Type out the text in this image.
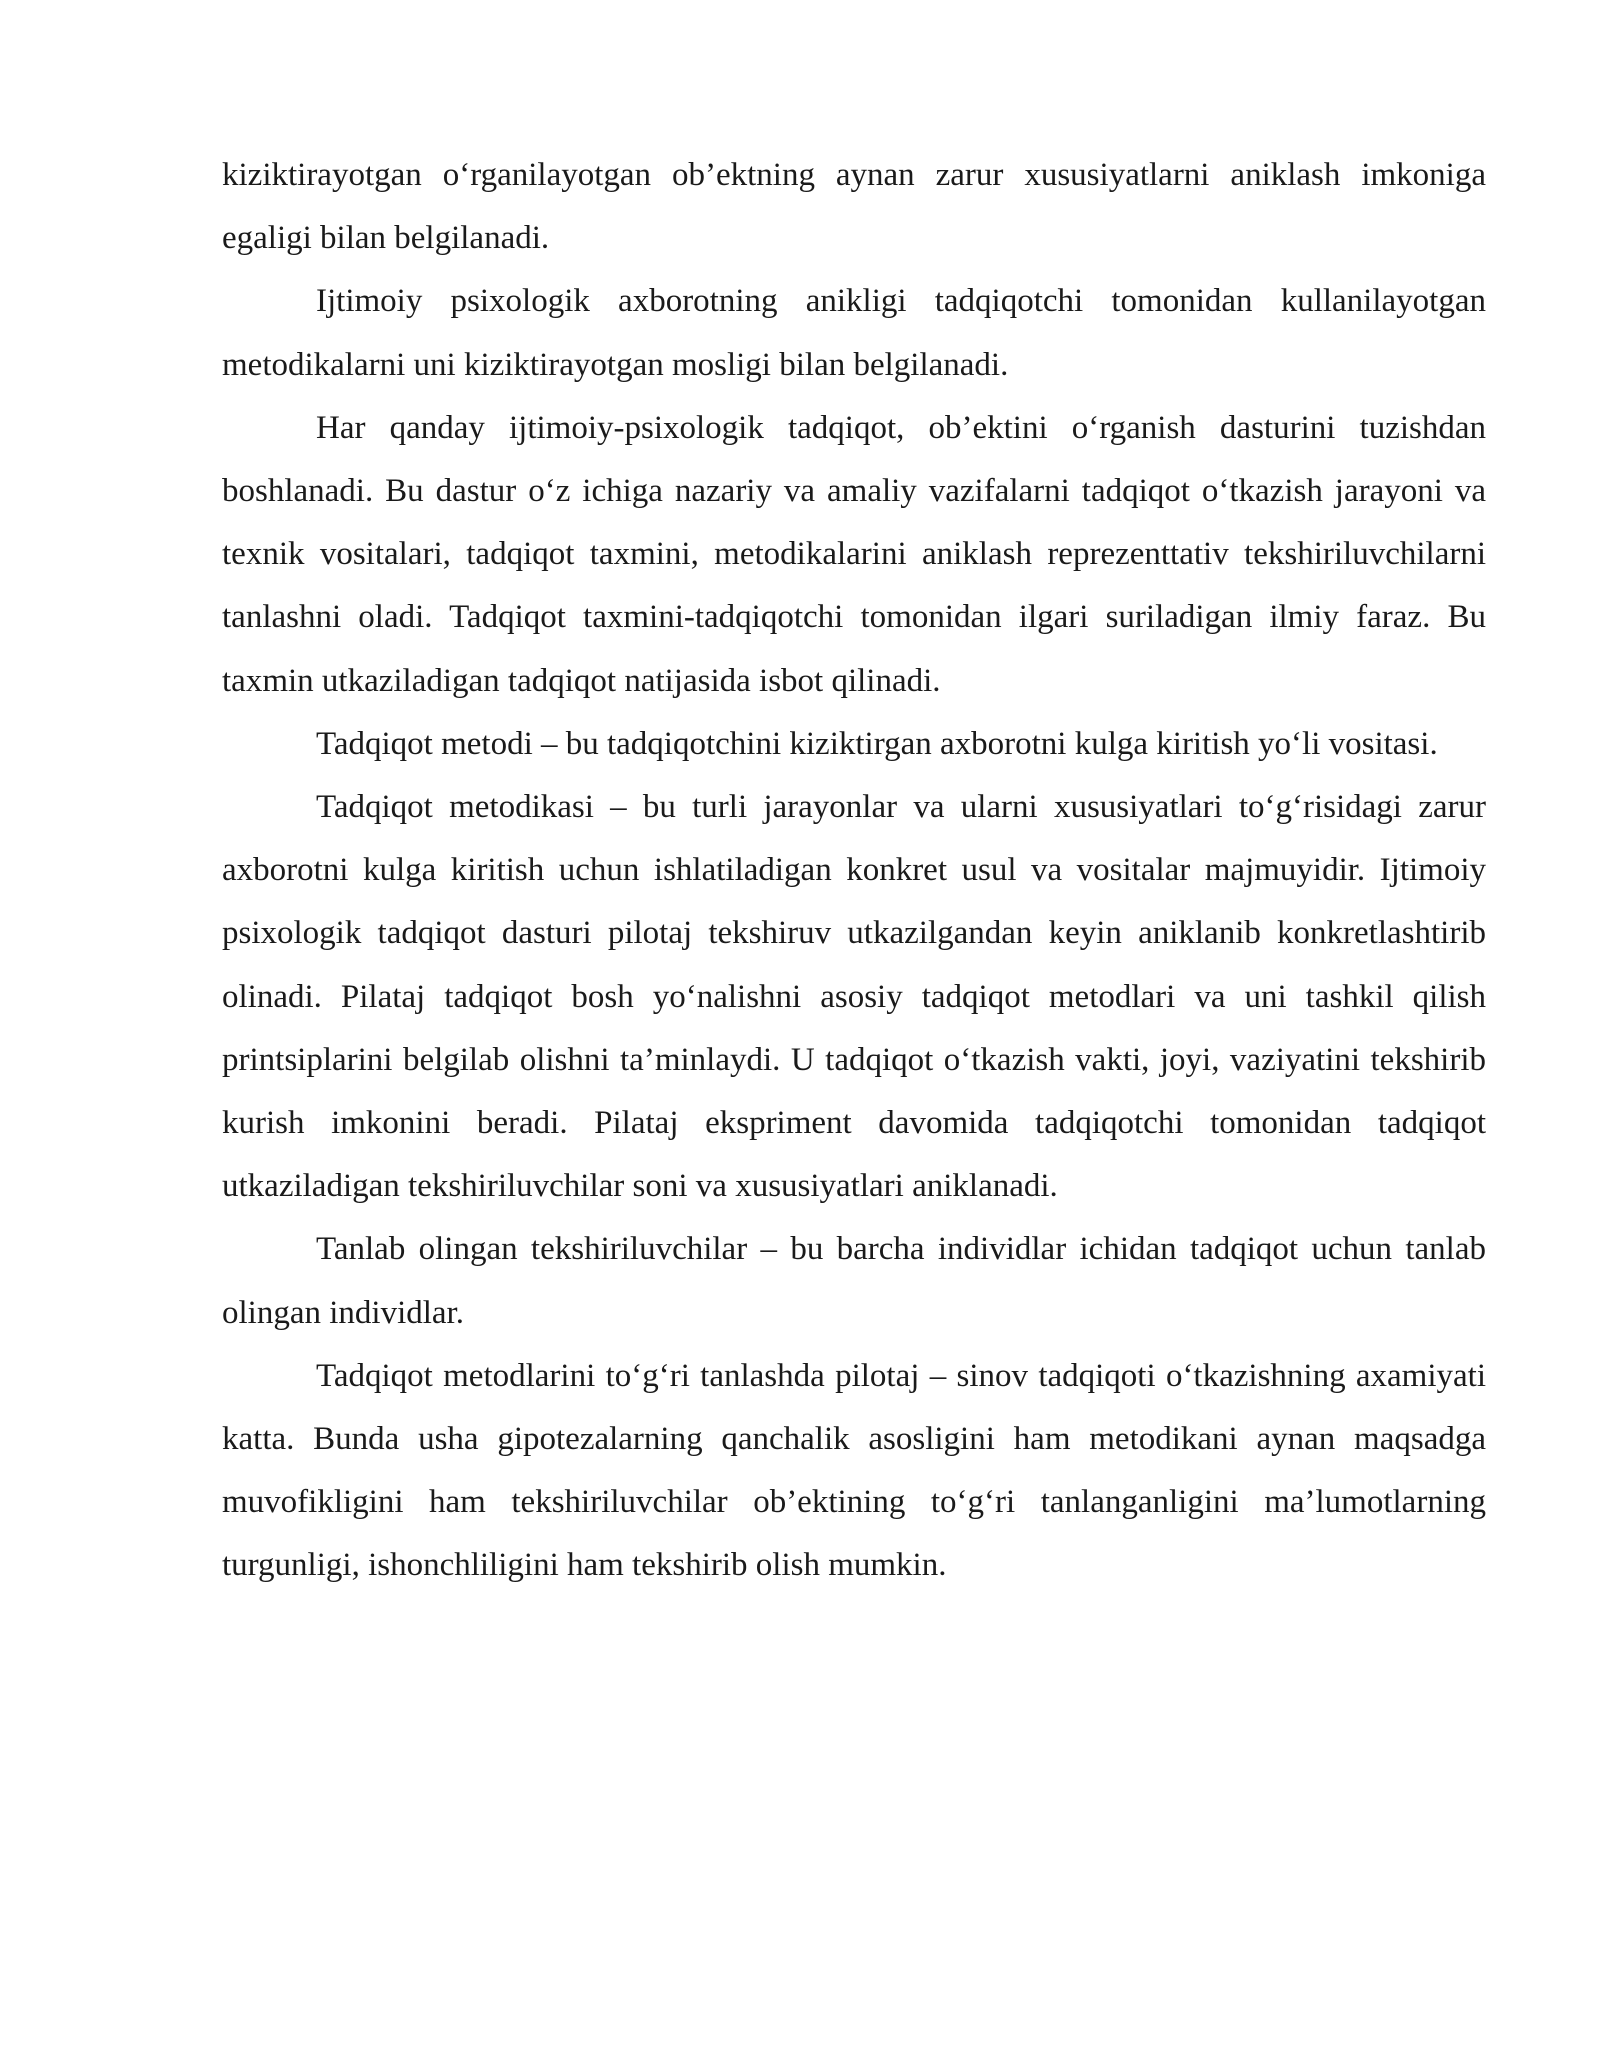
kiziktirayotgan o‘rganilayotgan ob’ektning aynan zarur xususiyatlarni aniklash imkoniga egaligi bilan belgilanadi.

Ijtimoiy psixologik axborotning anikligi tadqiqotchi tomonidan kullanilayotgan metodikalarni uni kiziktirayotgan mosligi bilan belgilanadi.

Har qanday ijtimoiy-psixologik tadqiqot, ob’ektini o‘rganish dasturini tuzishdan boshlanadi. Bu dastur o‘z ichiga nazariy va amaliy vazifalarni tadqiqot o‘tkazish jarayoni va texnik vositalari, tadqiqot taxmini, metodikalarini aniklash reprezenttativ tekshiriluvchilarni tanlashni oladi. Tadqiqot taxmini-tadqiqotchi tomonidan ilgari suriladigan ilmiy faraz. Bu taxmin utkaziladigan tadqiqot natijasida isbot qilinadi.

Tadqiqot metodi – bu tadqiqotchini kiziktirgan axborotni kulga kiritish yo‘li vositasi.

Tadqiqot metodikasi – bu turli jarayonlar va ularni xususiyatlari to‘g‘risidagi zarur axborotni kulga kiritish uchun ishlatiladigan konkret usul va vositalar majmuyidir. Ijtimoiy psixologik tadqiqot dasturi pilotaj tekshiruv utkazilgandan keyin aniklanib konkretlashtirib olinadi. Pilataj tadqiqot bosh yo‘nalishni asosiy tadqiqot metodlari va uni tashkil qilish printsiplarini belgilab olishni ta’minlaydi. U tadqiqot o‘tkazish vakti, joyi, vaziyatini tekshirib kurish imkonini beradi. Pilataj ekspriment davomida tadqiqotchi tomonidan tadqiqot utkaziladigan tekshiriluvchilar soni va xususiyatlari aniklanadi.

Tanlab olingan tekshiriluvchilar – bu barcha individlar ichidan tadqiqot uchun tanlab olingan individlar.

Tadqiqot metodlarini to‘g‘ri tanlashda pilotaj – sinov tadqiqoti o‘tkazishning axamiyati katta. Bunda usha gipotezalarning qanchalik asosligini ham metodikani aynan maqsadga muvofikligini ham tekshiriluvchilar ob’ektining to‘g‘ri tanlanganligini ma’lumotlarning turgunligi, ishonchliligini ham tekshirib olish mumkin.
